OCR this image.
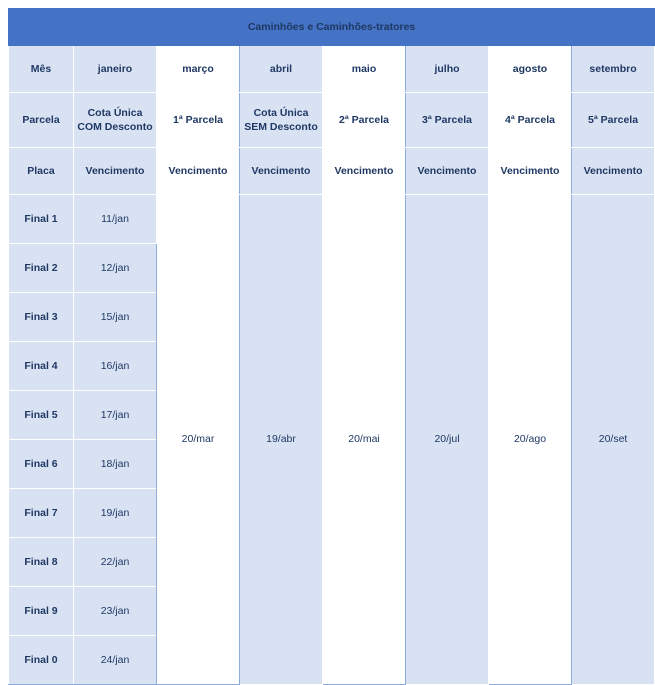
Caminhões e Caminhões-tratores							
Mês	janeiro	março	abril	maio	julho	agosto	setembro
Parcela	Cota Única COM Desconto	1ª Parcela	Cota Única SEM Desconto	2ª Parcela	3ª Parcela	4ª Parcela	5ª Parcela
Placa	Vencimento	Vencimento	Vencimento	Vencimento	Vencimento	Vencimento	Vencimento
Final 1	11/jan	20/mar	19/abr	20/mai	20/jul	20/ago	20/set
Final 2	12/jan						
Final 3	15/jan						
Final 4	16/jan						
Final 5	17/jan						
Final 6	18/jan						
Final 7	19/jan						
Final 8	22/jan						
Final 9	23/jan						
Final 0	24/jan						
